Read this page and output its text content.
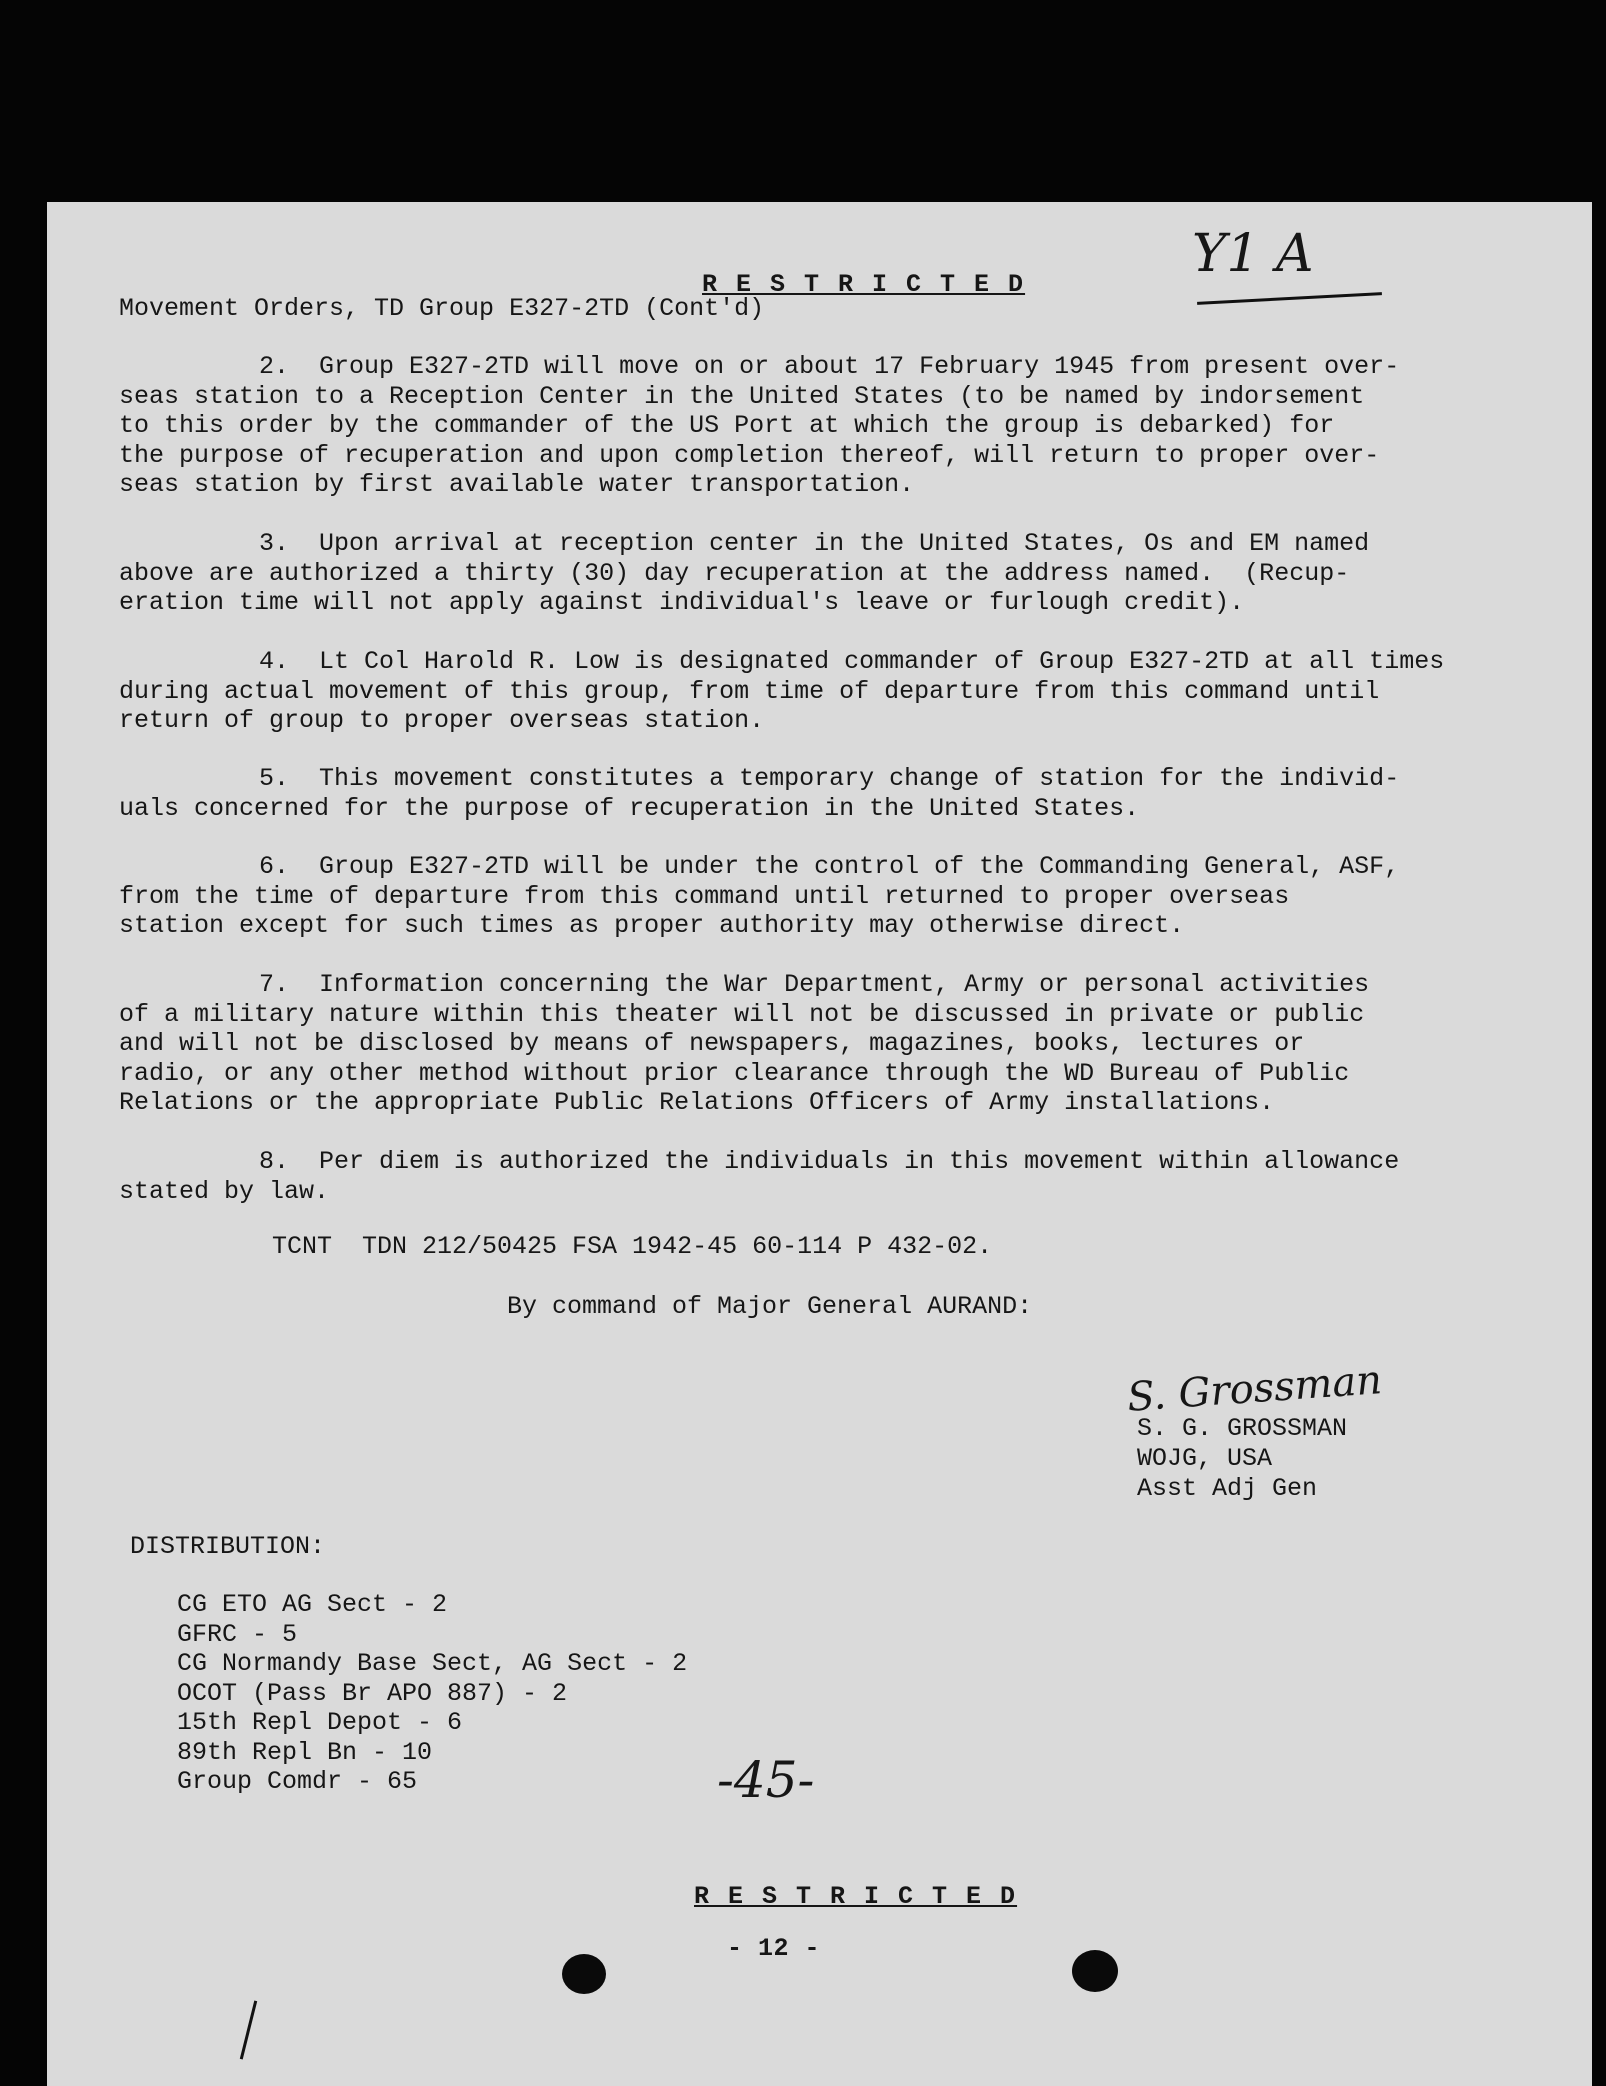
R E S T R I C T E D
	Y1 A
Movement Orders, TD Group E327-2TD (Cont'd)
2.  Group E327-2TD will move on or about 17 February 1945 from present over-
seas station to a Reception Center in the United States (to be named by indorsement
to this order by the commander of the US Port at which the group is debarked) for
the purpose of recuperation and upon completion thereof, will return to proper over-
seas station by first available water transportation.
3.  Upon arrival at reception center in the United States, Os and EM named
above are authorized a thirty (30) day recuperation at the address named.  (Recup-
eration time will not apply against individual's leave or furlough credit).
4.  Lt Col Harold R. Low is designated commander of Group E327-2TD at all times
during actual movement of this group, from time of departure from this command until
return of group to proper overseas station.
5.  This movement constitutes a temporary change of station for the individ-
uals concerned for the purpose of recuperation in the United States.
6.  Group E327-2TD will be under the control of the Commanding General, ASF,
from the time of departure from this command until returned to proper overseas
station except for such times as proper authority may otherwise direct.
7.  Information concerning the War Department, Army or personal activities
of a military nature within this theater will not be discussed in private or public
and will not be disclosed by means of newspapers, magazines, books, lectures or
radio, or any other method without prior clearance through the WD Bureau of Public
Relations or the appropriate Public Relations Officers of Army installations.
8.  Per diem is authorized the individuals in this movement within allowance
stated by law.
TCNT  TDN 212/50425 FSA 1942-45 60-114 P 432-02.
By command of Major General AURAND:
S. Grossman
S. G. GROSSMAN
WOJG, USA
Asst Adj Gen
DISTRIBUTION:
CG ETO AG Sect - 2
GFRC - 5
CG Normandy Base Sect, AG Sect - 2
OCOT (Pass Br APO 887) - 2
15th Repl Depot - 6
89th Repl Bn - 10
Group Comdr - 65	-45-

R E S T R I C T E D

- 12 -
